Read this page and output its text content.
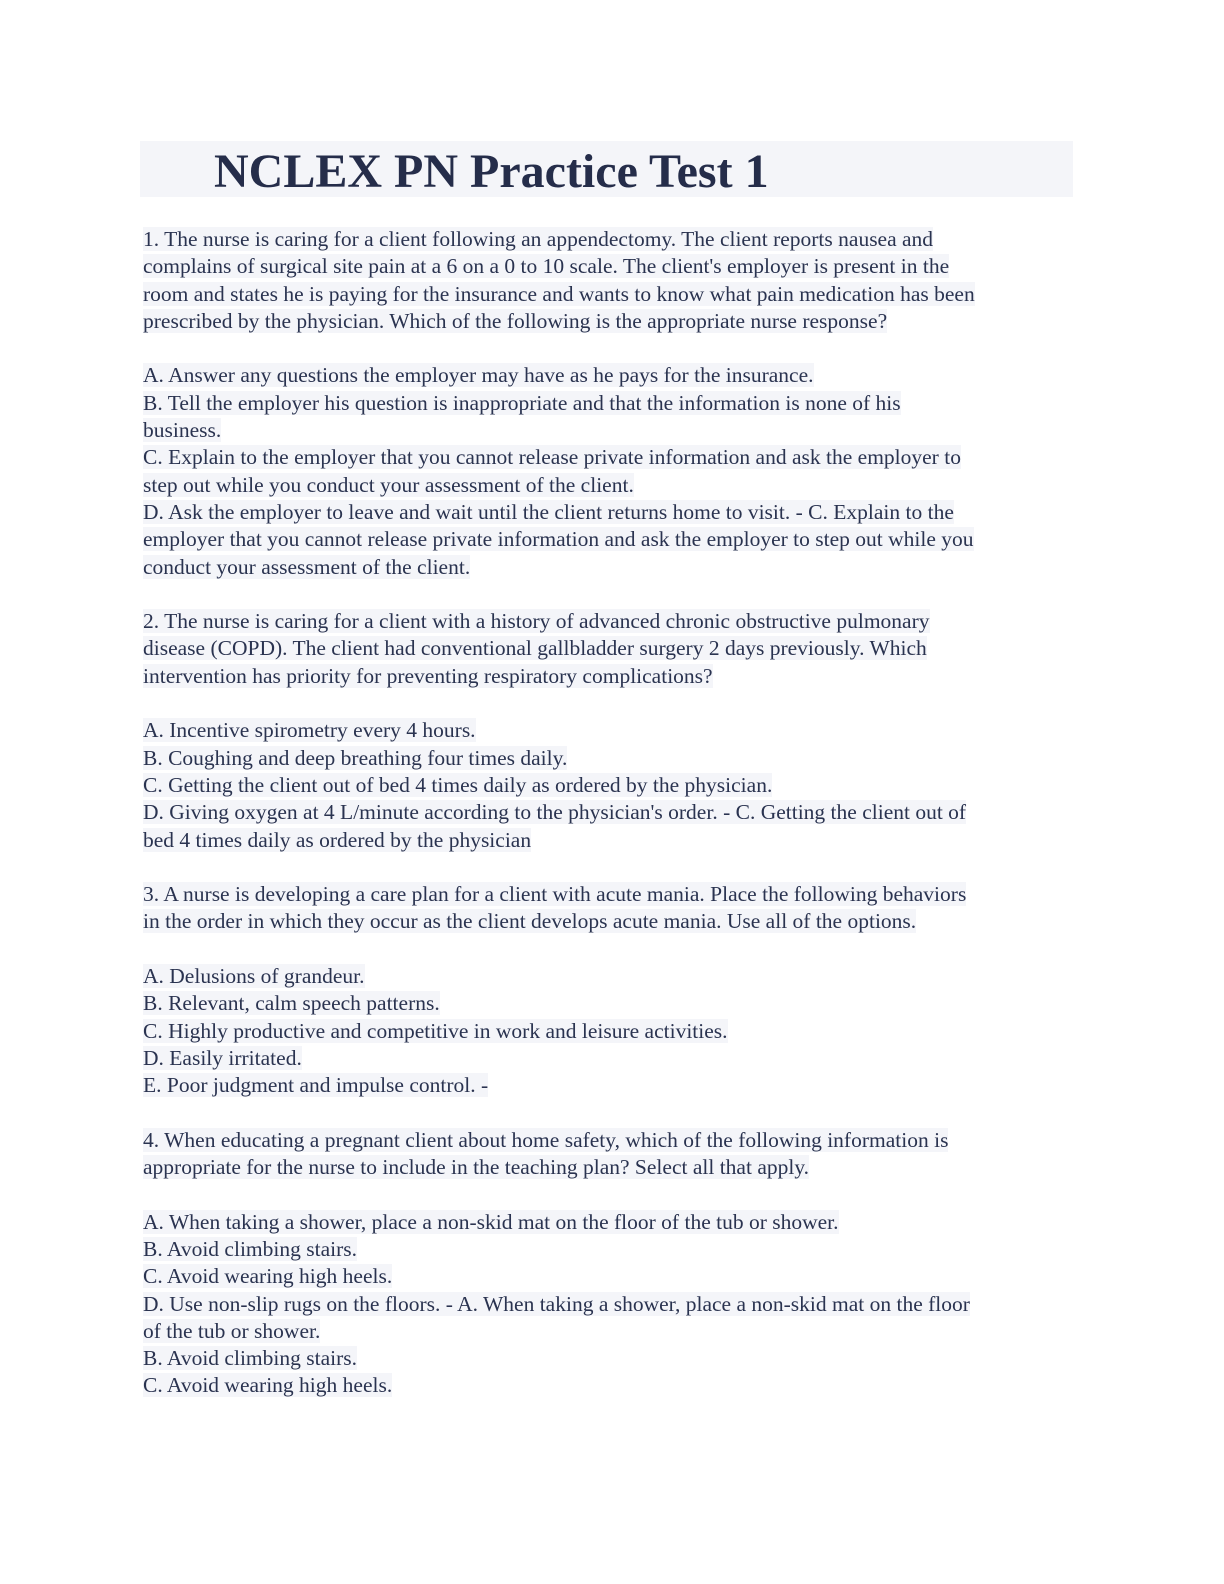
NCLEX PN Practice Test 1
1. The nurse is caring for a client following an appendectomy. The client reports nausea and
complains of surgical site pain at a 6 on a 0 to 10 scale. The client's employer is present in the
room and states he is paying for the insurance and wants to know what pain medication has been
prescribed by the physician. Which of the following is the appropriate nurse response?
A. Answer any questions the employer may have as he pays for the insurance.
B. Tell the employer his question is inappropriate and that the information is none of his
business.
C. Explain to the employer that you cannot release private information and ask the employer to
step out while you conduct your assessment of the client.
D. Ask the employer to leave and wait until the client returns home to visit. - C. Explain to the
employer that you cannot release private information and ask the employer to step out while you
conduct your assessment of the client.
2. The nurse is caring for a client with a history of advanced chronic obstructive pulmonary
disease (COPD). The client had conventional gallbladder surgery 2 days previously. Which
intervention has priority for preventing respiratory complications?
A. Incentive spirometry every 4 hours.
B. Coughing and deep breathing four times daily.
C. Getting the client out of bed 4 times daily as ordered by the physician.
D. Giving oxygen at 4 L/minute according to the physician's order. - C. Getting the client out of
bed 4 times daily as ordered by the physician
3. A nurse is developing a care plan for a client with acute mania. Place the following behaviors
in the order in which they occur as the client develops acute mania. Use all of the options.
A. Delusions of grandeur.
B. Relevant, calm speech patterns.
C. Highly productive and competitive in work and leisure activities.
D. Easily irritated.
E. Poor judgment and impulse control. -
4. When educating a pregnant client about home safety, which of the following information is
appropriate for the nurse to include in the teaching plan? Select all that apply.
A. When taking a shower, place a non-skid mat on the floor of the tub or shower.
B. Avoid climbing stairs.
C. Avoid wearing high heels.
D. Use non-slip rugs on the floors. - A. When taking a shower, place a non-skid mat on the floor
of the tub or shower.
B. Avoid climbing stairs.
C. Avoid wearing high heels.
